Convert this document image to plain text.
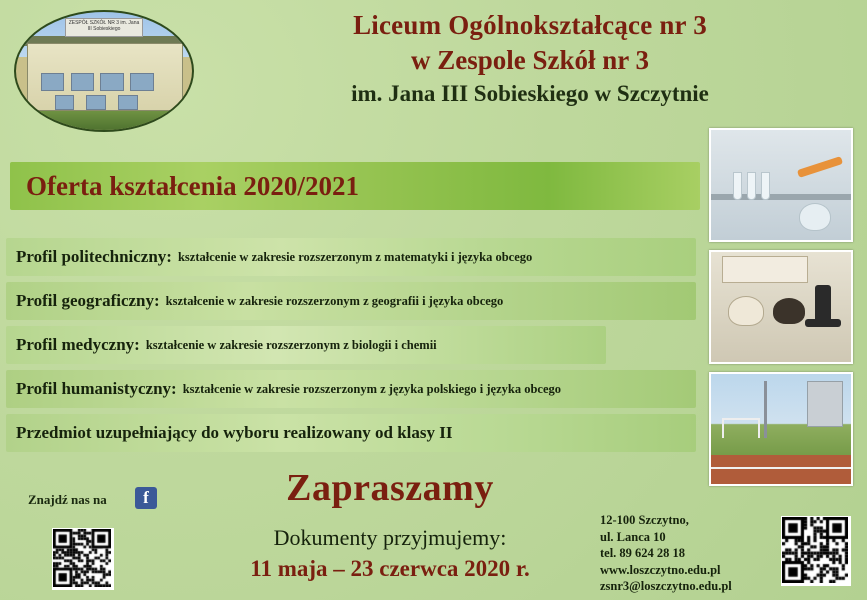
ZESPÓŁ SZKÓŁ NR 3 im. Jana III Sobieskiego	Liceum Ogólnokształcące nr 3
w Zespole Szkół nr 3
im. Jana III Sobieskiego w Szczytnie
Oferta kształcenia 2020/2021
Profil politechniczny: kształcenie w zakresie rozszerzonym z matematyki i języka obcego
Profil geograficzny: kształcenie w zakresie rozszerzonym z geografii i języka obcego
Profil medyczny: kształcenie w zakresie rozszerzonym z biologii i chemii
Profil humanistyczny: kształcenie w zakresie rozszerzonym z języka polskiego i języka obcego
Przedmiot uzupełniający do wyboru realizowany od klasy II
Znajdź nas na	f	Zapraszamy
Dokumenty przyjmujemy:
11 maja – 23 czerwca 2020 r.
12-100 Szczytno,
ul. Lanca 10
tel. 89 624 28 18
www.loszczytno.edu.pl
zsnr3@loszczytno.edu.pl
